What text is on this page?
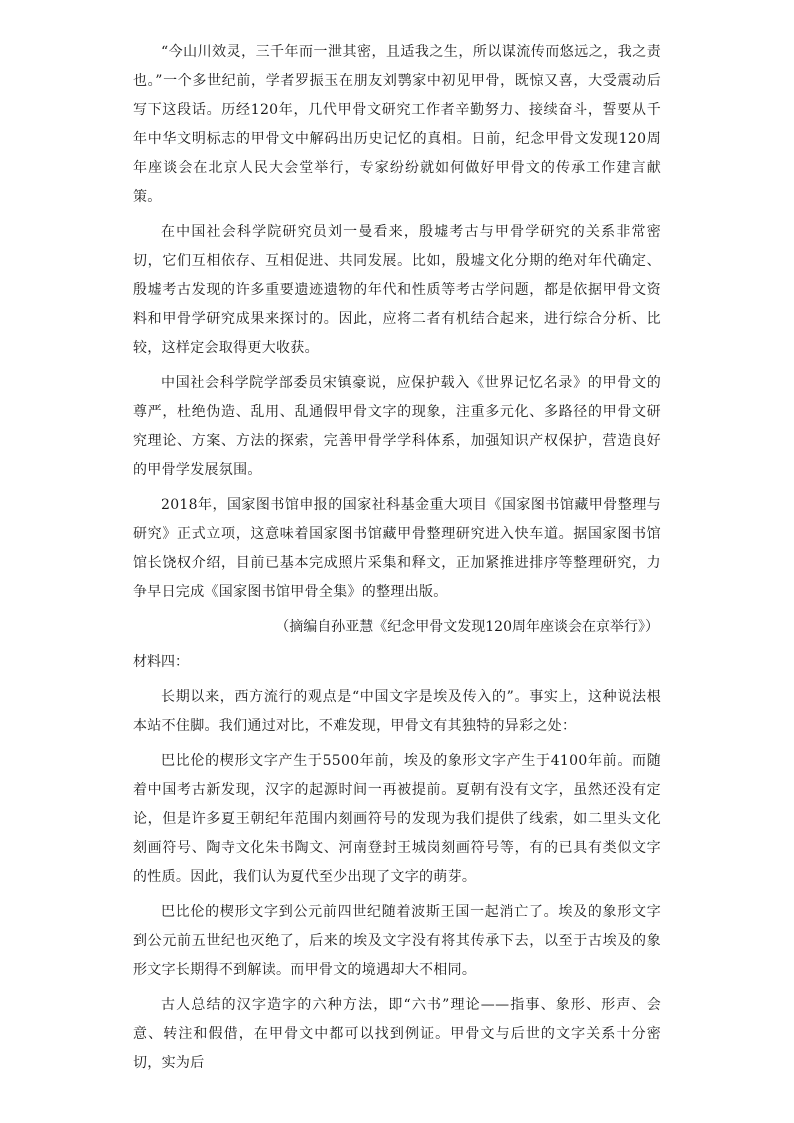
“今山川效灵，三千年而一泄其密，且适我之生，所以谋流传而悠远之，我之责也。”一个多世纪前，学者罗振玉在朋友刘鹗家中初见甲骨，既惊又喜，大受震动后写下这段话。历经120年，几代甲骨文研究工作者辛勤努力、接续奋斗，誓要从千年中华文明标志的甲骨文中解码出历史记忆的真相。日前，纪念甲骨文发现120周年座谈会在北京人民大会堂举行，专家纷纷就如何做好甲骨文的传承工作建言献策。

在中国社会科学院研究员刘一曼看来，殷墟考古与甲骨学研究的关系非常密切，它们互相依存、互相促进、共同发展。比如，殷墟文化分期的绝对年代确定、殷墟考古发现的许多重要遗迹遗物的年代和性质等考古学问题，都是依据甲骨文资料和甲骨学研究成果来探讨的。因此，应将二者有机结合起来，进行综合分析、比较，这样定会取得更大收获。

中国社会科学院学部委员宋镇豪说，应保护载入《世界记忆名录》的甲骨文的尊严，杜绝伪造、乱用、乱通假甲骨文字的现象，注重多元化、多路径的甲骨文研究理论、方案、方法的探索，完善甲骨学学科体系，加强知识产权保护，营造良好的甲骨学发展氛围。

2018年，国家图书馆申报的国家社科基金重大项目《国家图书馆藏甲骨整理与研究》正式立项，这意味着国家图书馆藏甲骨整理研究进入快车道。据国家图书馆馆长饶权介绍，目前已基本完成照片采集和释文，正加紧推进排序等整理研究，力争早日完成《国家图书馆甲骨全集》的整理出版。

（摘编自孙亚慧《纪念甲骨文发现120周年座谈会在京举行》）

材料四：

长期以来，西方流行的观点是“中国文字是埃及传入的”。事实上，这种说法根本站不住脚。我们通过对比，不难发现，甲骨文有其独特的异彩之处：

巴比伦的楔形文字产生于5500年前，埃及的象形文字产生于4100年前。而随着中国考古新发现，汉字的起源时间一再被提前。夏朝有没有文字，虽然还没有定论，但是许多夏王朝纪年范围内刻画符号的发现为我们提供了线索，如二里头文化刻画符号、陶寺文化朱书陶文、河南登封王城岗刻画符号等，有的已具有类似文字的性质。因此，我们认为夏代至少出现了文字的萌芽。

巴比伦的楔形文字到公元前四世纪随着波斯王国一起消亡了。埃及的象形文字到公元前五世纪也灭绝了，后来的埃及文字没有将其传承下去，以至于古埃及的象形文字长期得不到解读。而甲骨文的境遇却大不相同。

古人总结的汉字造字的六种方法，即“六书”理论——指事、象形、形声、会意、转注和假借，在甲骨文中都可以找到例证。甲骨文与后世的文字关系十分密切，实为后
